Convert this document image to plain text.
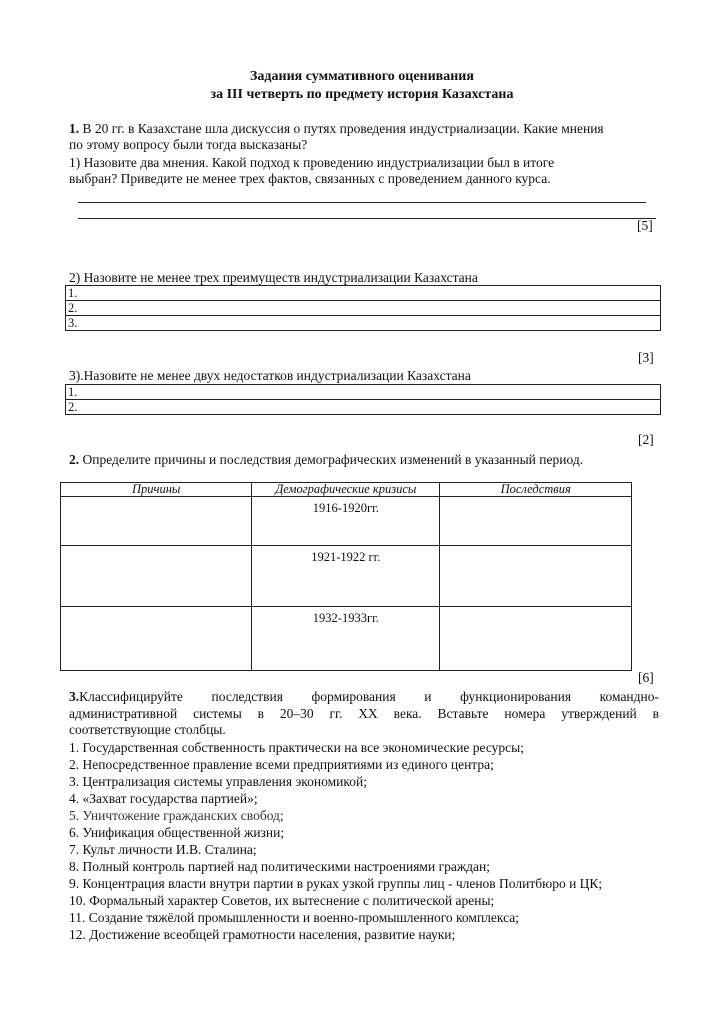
Задания суммативного оценивания
за III четверть по предмету история Казахстана
1. В 20 гг. в Казахстане шла дискуссия о путях проведения индустриализации. Какие мнения
по этому вопросу были тогда высказаны?
1) Назовите два мнения. Какой подход к проведению индустриализации был в итоге
выбран? Приведите не менее трех фактов, связанных с проведением данного курса.
[5]
2) Назовите не менее трех преимуществ индустриализации Казахстана
1.
2.
3.
[3]
3).Назовите не менее двух недостатков индустриализации Казахстана
1.
2.
[2]
2. Определите причины и последствия демографических изменений в указанный период.
Причины	Демографические кризисы	Последствия
	1916-1920гг.	
	1921-1922 гг.	
	1932-1933гг.	
[6]
3.Классифицируйте последствия формирования и функционирования командно-
административной системы в 20–30 гг. XX века. Вставьте номера утверждений в
соответствующие столбцы.
1. Государственная собственность практически на все экономические ресурсы;
2. Непосредственное правление всеми предприятиями из единого центра;
3. Централизация системы управления экономикой;
4. «Захват государства партией»;
5. Уничтожение гражданских свобод;
6. Унификация общественной жизни;
7. Культ личности И.В. Сталина;
8. Полный контроль партией над политическими настроениями граждан;
9. Концентрация власти внутри партии в руках узкой группы лиц - членов Политбюро и ЦК;
10. Формальный характер Советов, их вытеснение с политической арены;
11. Создание тяжёлой промышленности и военно-промышленного комплекса;
12. Достижение всеобщей грамотности населения, развитие науки;
